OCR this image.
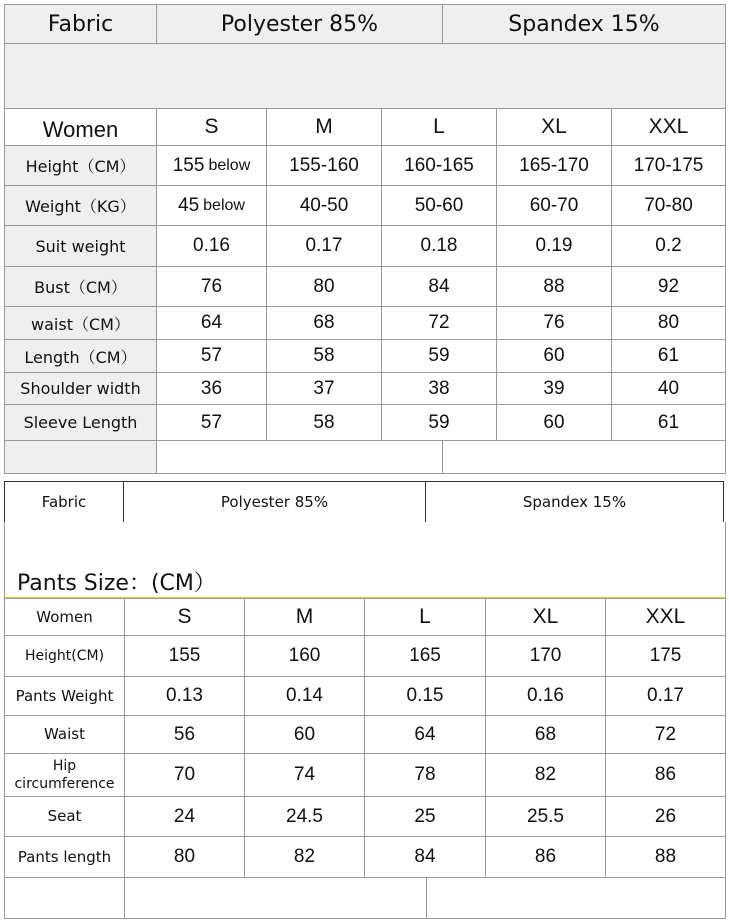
Fabric	Polyester 85%	Spandex 15%
Women	S	M	L	XL	XXL
Height（CM）	155 below	155-160	160-165	165-170	170-175
Weight（KG）	45 below	40-50	50-60	60-70	70-80
Suit weight	0.16	0.17	0.18	0.19	0.2
Bust（CM）	76	80	84	88	92
waist（CM）	64	68	72	76	80
Length（CM）	57	58	59	60	61
Shoulder width	36	37	38	39	40
Sleeve Length	57	58	59	60	61
Fabric	Polyester 85%	Spandex 15%
Pants Size：(CM）
Women	S	M	L	XL	XXL
Height(CM)	155	160	165	170	175
Pants Weight	0.13	0.14	0.15	0.16	0.17
Waist	56	60	64	68	72
Hip circumference	70	74	78	82	86
Seat	24	24.5	25	25.5	26
Pants length	80	82	84	86	88
